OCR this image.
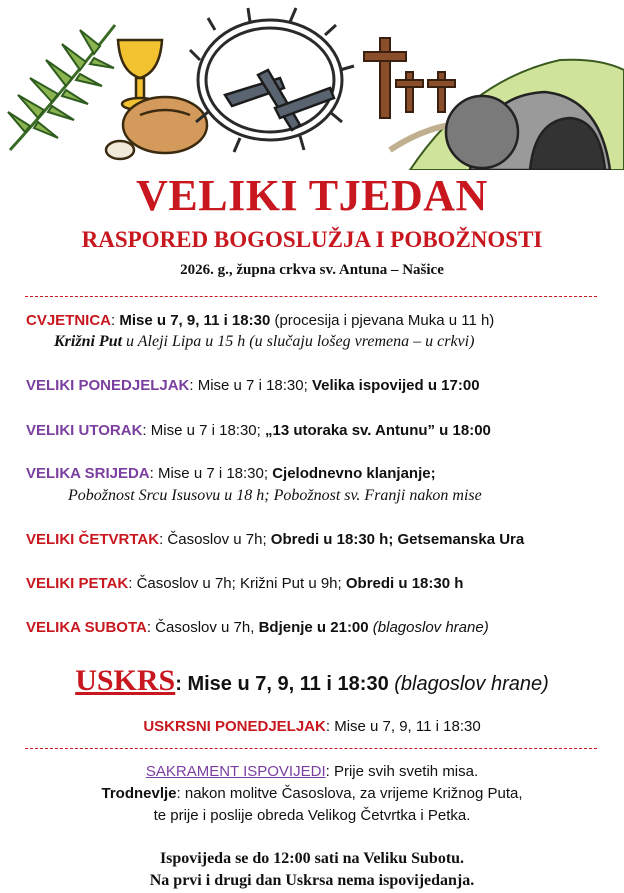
VELIKI TJEDAN
RASPORED BOGOSLUŽJA I POBOŽNOSTI
2026. g., župna crkva sv. Antuna – Našice
CVJETNICA: Mise u 7, 9, 11 i 18:30 (procesija i pjevana Muka u 11 h)
Križni Put u Aleji Lipa u 15 h (u slučaju lošeg vremena – u crkvi)
VELIKI PONEDJELJAK: Mise u 7 i 18:30; Velika ispovijed u 17:00
VELIKI UTORAK: Mise u 7 i 18:30; „13 utoraka sv. Antunu” u 18:00
VELIKA SRIJEDA: Mise u 7 i 18:30; Cjelodnevno klanjanje;
Pobožnost Srcu Isusovu u 18 h; Pobožnost sv. Franji nakon mise
VELIKI ČETVRTAK: Časoslov u 7h; Obredi u 18:30 h; Getsemanska Ura
VELIKI PETAK: Časoslov u 7h; Križni Put u 9h; Obredi u 18:30 h
VELIKA SUBOTA: Časoslov u 7h, Bdjenje u 21:00 (blagoslov hrane)
USKRS: Mise u 7, 9, 11 i 18:30 (blagoslov hrane)
USKRSNI PONEDJELJAK: Mise u 7, 9, 11 i 18:30
SAKRAMENT ISPOVIJEDI: Prije svih svetih misa.
Trodnevlje: nakon molitve Časoslova, za vrijeme Križnog Puta,
te prije i poslije obreda Velikog Četvrtka i Petka.
Ispovijeda se do 12:00 sati na Veliku Subotu.
Na prvi i drugi dan Uskrsa nema ispovijedanja.
